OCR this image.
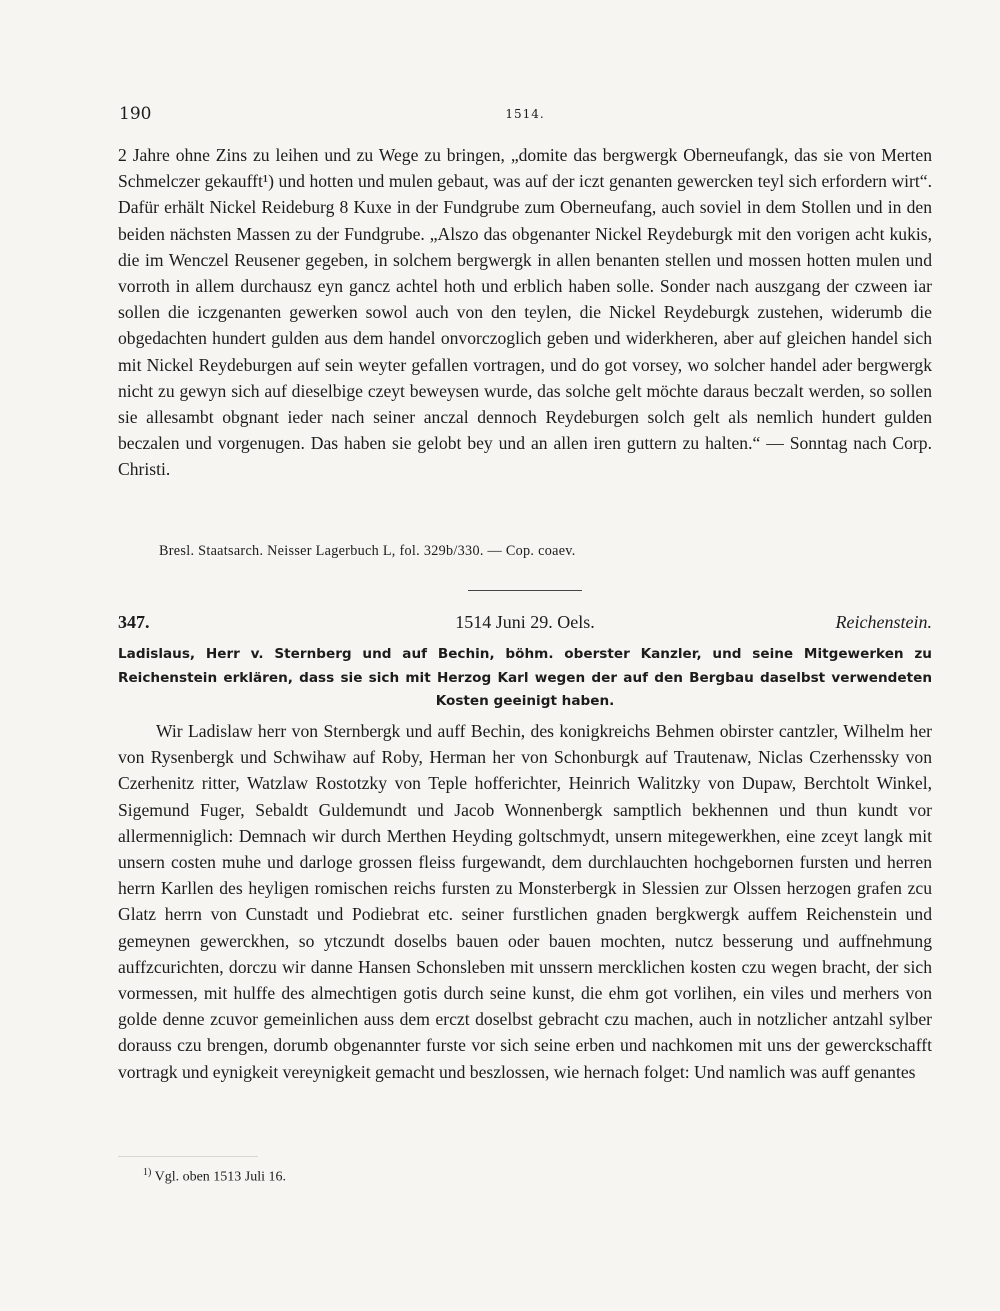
190	1514.

2 Jahre ohne Zins zu leihen und zu Wege zu bringen, „domite das bergwergk Oberneufangk, das sie von Merten Schmelczer gekaufft¹) und hotten und mulen gebaut, was auf der iczt genanten gewercken teyl sich erfordern wirt“. Dafür erhält Nickel Reideburg 8 Kuxe in der Fundgrube zum Oberneufang, auch soviel in dem Stollen und in den beiden nächsten Massen zu der Fundgrube. „Alszo das obgenanter Nickel Reydeburgk mit den vorigen acht kukis, die im Wenczel Reusener gegeben, in solchem bergwergk in allen benanten stellen und mossen hotten mulen und vorroth in allem durchausz eyn gancz achtel hoth und erblich haben solle. Sonder nach auszgang der czween iar sollen die iczgenanten gewerken sowol auch von den teylen, die Nickel Reydeburgk zustehen, widerumb die obgedachten hundert gulden aus dem handel onvorczoglich geben und widerkheren, aber auf gleichen handel sich mit Nickel Reydeburgen auf sein weyter gefallen vortragen, und do got vorsey, wo solcher handel ader bergwergk nicht zu gewyn sich auf dieselbige czeyt beweysen wurde, das solche gelt möchte daraus beczalt werden, so sollen sie allesambt obgnant ieder nach seiner anczal dennoch Reydeburgen solch gelt als nemlich hundert gulden beczalen und vorgenugen. Das haben sie gelobt bey und an allen iren guttern zu halten.“ — Sonntag nach Corp. Christi.

Bresl. Staatsarch. Neisser Lagerbuch L, fol. 329b/330. — Cop. coaev.
347.	1514 Juni 29. Oels.	Reichenstein.

Ladislaus, Herr v. Sternberg und auf Bechin, böhm. oberster Kanzler, und seine Mitgewerken zu Reichenstein erklären, dass sie sich mit Herzog Karl wegen der auf den Bergbau daselbst verwendeten Kosten geeinigt haben.

Wir Ladislaw herr von Sternbergk und auff Bechin, des konigkreichs Behmen obirster cantzler, Wilhelm her von Rysenbergk und Schwihaw auf Roby, Herman her von Schonburgk auf Trautenaw, Niclas Czerhenssky von Czerhenitz ritter, Watzlaw Rostotzky von Teple hofferichter, Heinrich Walitzky von Dupaw, Berchtolt Winkel, Sigemund Fuger, Sebaldt Guldemundt und Jacob Wonnenbergk samptlich bekhennen und thun kundt vor allermenniglich: Demnach wir durch Merthen Heyding goltschmydt, unsern mitegewerkhen, eine zceyt langk mit unsern costen muhe und darloge grossen fleiss furgewandt, dem durchlauchten hochgebornen fursten und herren herrn Karllen des heyligen romischen reichs fursten zu Monsterbergk in Slessien zur Olssen herzogen grafen zcu Glatz herrn von Cunstadt und Podiebrat etc. seiner furstlichen gnaden bergkwergk auffem Reichenstein und gemeynen gewerckhen, so ytczundt doselbs bauen oder bauen mochten, nutcz besserung und auffnehmung auffzcurichten, dorczu wir danne Hansen Schonsleben mit unssern mercklichen kosten czu wegen bracht, der sich vormessen, mit hulffe des almechtigen gotis durch seine kunst, die ehm got vorlihen, ein viles und merhers von golde denne zcuvor gemeinlichen auss dem erczt doselbst gebracht czu machen, auch in notzlicher antzahl sylber dorauss czu brengen, dorumb obgenannter furste vor sich seine erben und nachkomen mit uns der gewerckschafft vortragk und eynigkeit vereynigkeit gemacht und beszlossen, wie hernach folget: Und namlich was auff genantes

$^{1)}$ Vgl. oben 1513 Juli 16.
